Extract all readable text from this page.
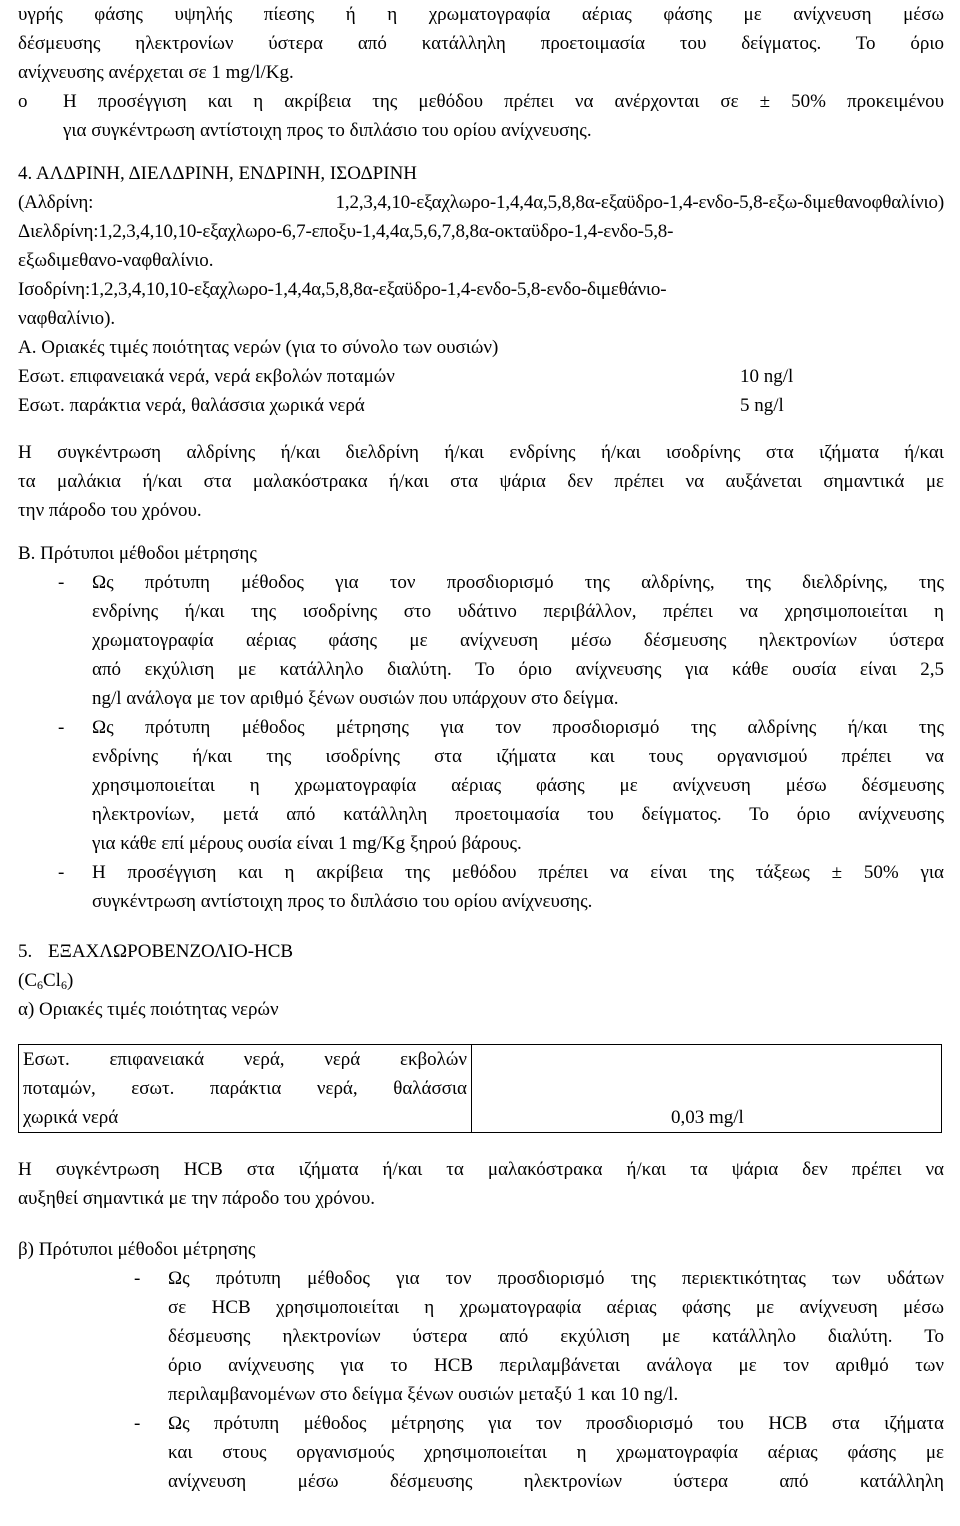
υγρής φάσης υψηλής πίεσης ή η χρωματογραφία αέριας φάσης με ανίχνευση μέσω

δέσμευσης ηλεκτρονίων ύστερα από κατάλληλη προετοιμασία του δείγματος. Το όριο

ανίχνευσης ανέρχεται σε 1 mg/l/Kg.

o	Η προσέγγιση και η ακρίβεια της μεθόδου πρέπει να ανέρχονται σε ± 50% προκειμένου

για συγκέντρωση αντίστοιχη προς το διπλάσιο του ορίου ανίχνευσης.

4. ΑΛΔΡΙΝΗ, ΔΙΕΛΔΡΙΝΗ, ΕΝΔΡΙΝΗ, ΙΣΟΔΡΙΝΗ

(Αλδρίνη: 1,2,3,4,10-εξαχλωρο-1,4,4α,5,8,8α-εξαϋδρο-1,4-ενδο-5,8-εξω-διμεθανοφθαλίνιο)

Διελδρίνη:1,2,3,4,10,10-εξαχλωρο-6,7-εποξυ-1,4,4α,5,6,7,8,8α-οκταϋδρο-1,4-ενδο-5,8-

εξωδιμεθανο-ναφθαλίνιο.

Ισοδρίνη:1,2,3,4,10,10-εξαχλωρο-1,4,4α,5,8,8α-εξαϋδρο-1,4-ενδο-5,8-ενδο-διμεθάνιο-

ναφθαλίνιο).

Α. Οριακές τιμές ποιότητας νερών (για το σύνολο των ουσιών)

Εσωτ. επιφανειακά νερά, νερά εκβολών ποταμών	10 ng/l
Εσωτ. παράκτια νερά, θαλάσσια χωρικά νερά	5 ng/l

Η συγκέντρωση αλδρίνης ή/και διελδρίνη ή/και ενδρίνης ή/και ισοδρίνης στα ιζήματα ή/και

τα μαλάκια ή/και στα μαλακόστρακα ή/και στα ψάρια δεν πρέπει να αυξάνεται σημαντικά με

την πάροδο του χρόνου.

Β. Πρότυποι μέθοδοι μέτρησης

-	Ως πρότυπη μέθοδος για τον προσδιορισμό της αλδρίνης, της διελδρίνης, της

ενδρίνης ή/και της ισοδρίνης στο υδάτινο περιβάλλον, πρέπει να χρησιμοποιείται η

χρωματογραφία αέριας φάσης με ανίχνευση μέσω δέσμευσης ηλεκτρονίων ύστερα

από εκχύλιση με κατάλληλο διαλύτη. Το όριο ανίχνευσης για κάθε ουσία είναι 2,5

ng/l ανάλογα με τον αριθμό ξένων ουσιών που υπάρχουν στο δείγμα.

-	Ως πρότυπη μέθοδος μέτρησης για τον προσδιορισμό της αλδρίνης ή/και της

ενδρίνης ή/και της ισοδρίνης στα ιζήματα και τους οργανισμού πρέπει να

χρησιμοποιείται η χρωματογραφία αέριας φάσης με ανίχνευση μέσω δέσμευσης

ηλεκτρονίων, μετά από κατάλληλη προετοιμασία του δείγματος. Το όριο ανίχνευσης

για κάθε επί μέρους ουσία είναι 1 mg/Kg ξηρού βάρους.

-	Η προσέγγιση και η ακρίβεια της μεθόδου πρέπει να είναι της τάξεως ± 50% για

συγκέντρωση αντίστοιχη προς το διπλάσιο του ορίου ανίχνευσης.

5. ΕΞΑΧΛΩΡΟΒΕΝΖΟΛΙΟ-HCB

$(C_6Cl_6)$

α) Οριακές τιμές ποιότητας νερών

Εσωτ. επιφανειακά νερά, νερά εκβολών

ποταμών, εσωτ. παράκτια νερά, θαλάσσια

χωρικά νερά	0,03 mg/l

Η συγκέντρωση HCB στα ιζήματα ή/και τα μαλακόστρακα ή/και τα ψάρια δεν πρέπει να

αυξηθεί σημαντικά με την πάροδο του χρόνου.

β) Πρότυποι μέθοδοι μέτρησης

-	Ως πρότυπη μέθοδος για τον προσδιορισμό της περιεκτικότητας των υδάτων

σε HCB χρησιμοποιείται η χρωματογραφία αέριας φάσης με ανίχνευση μέσω

δέσμευσης ηλεκτρονίων ύστερα από εκχύλιση με κατάλληλο διαλύτη. Το

όριο ανίχνευσης για το HCB περιλαμβάνεται ανάλογα με τον αριθμό των

περιλαμβανομένων στο δείγμα ξένων ουσιών μεταξύ 1 και 10 ng/l.

-	Ως πρότυπη μέθοδος μέτρησης για τον προσδιορισμό του HCB στα ιζήματα

και στους οργανισμούς χρησιμοποιείται η χρωματογραφία αέριας φάσης με

ανίχνευση μέσω δέσμευσης ηλεκτρονίων ύστερα από κατάλληλη
